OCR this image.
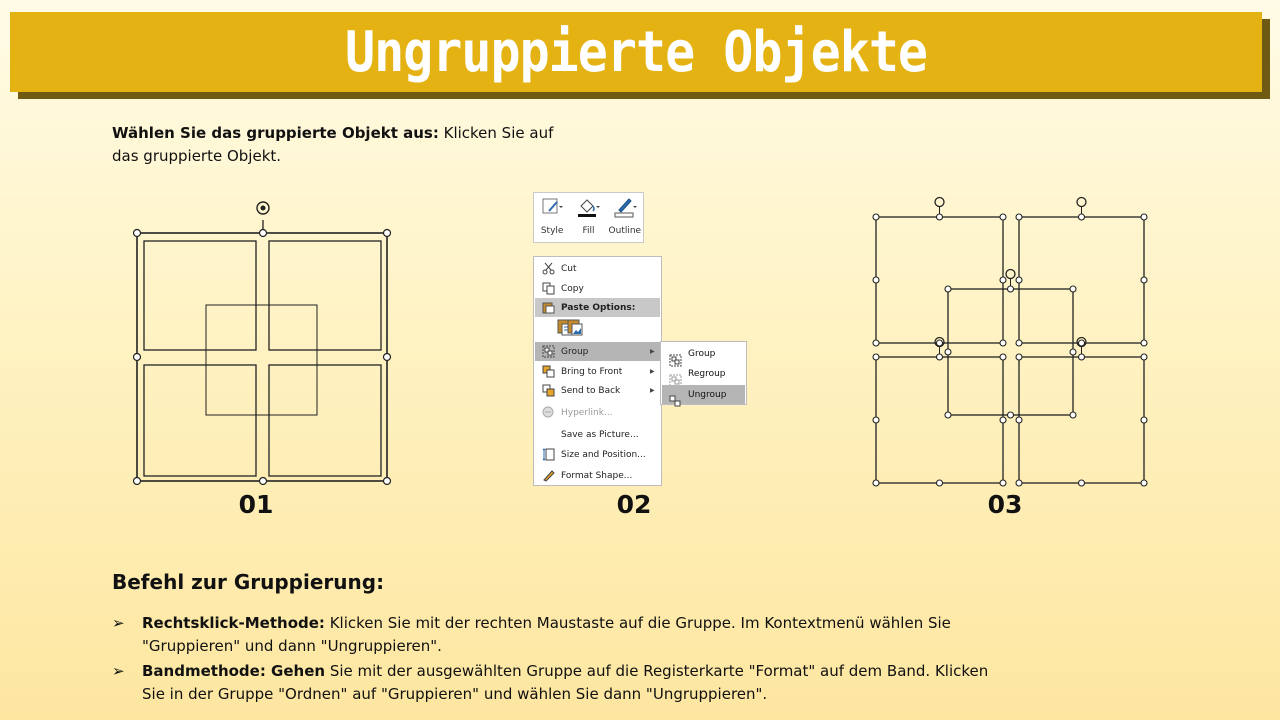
Ungruppierte Objekte
Wählen Sie das gruppierte Objekt aus: Klicken Sie auf das gruppierte Objekt.
01
Style Fill Outline
Cut
Copy
Paste Options:
Group	▶
Bring to Front	▶
Send to Back	▶
Hyperlink...
Save as Picture...
Size and Position...
Format Shape...
Group
Regroup
Ungroup
02	03
Befehl zur Gruppierung:
➢ Rechtsklick-Methode: Klicken Sie mit der rechten Maustaste auf die Gruppe. Im Kontextmenü wählen Sie "Gruppieren" und dann "Ungruppieren".
➢ Bandmethode: Gehen Sie mit der ausgewählten Gruppe auf die Registerkarte "Format" auf dem Band. Klicken Sie in der Gruppe "Ordnen" auf "Gruppieren" und wählen Sie dann "Ungruppieren".
